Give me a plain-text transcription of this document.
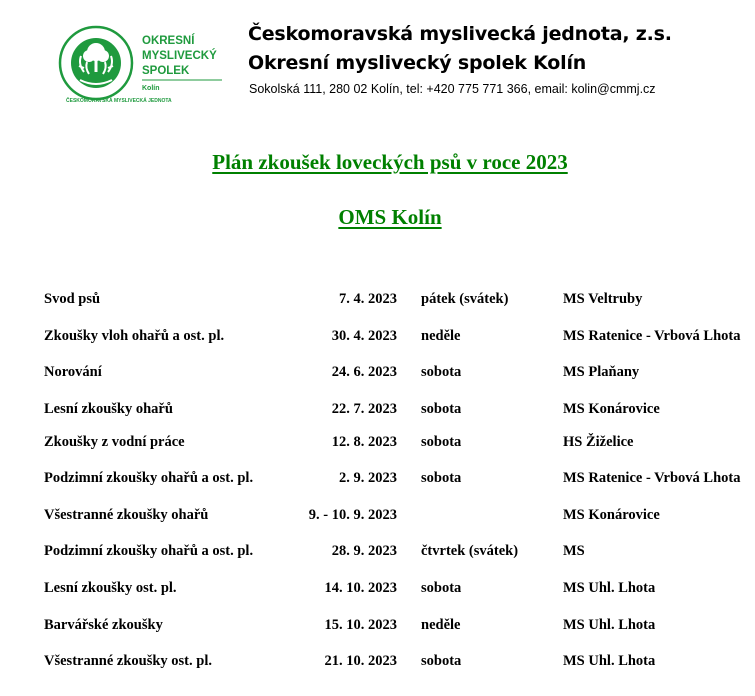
ČESKOMORAVSKÁ MYSLIVECKÁ JEDNOTA
OKRESNÍ
MYSLIVECKÝ
SPOLEK
Kolín
Českomoravská myslivecká jednota, z.s.
Okresní myslivecký spolek Kolín
Sokolská 111, 280 02 Kolín, tel: +420 775 771 366, email: kolin@cmmj.cz
Plán zkoušek loveckých psů v roce 2023
OMS Kolín
Svod psů	7. 4. 2023 pátek (svátek)	MS Veltruby
Zkoušky vloh ohařů a ost. pl.	30. 4. 2023 neděle	MS Ratenice - Vrbová Lhota
Norování	24. 6. 2023 sobota	MS Plaňany
Lesní zkoušky ohařů	22. 7. 2023 sobota	MS Konárovice
Zkoušky z vodní práce	12. 8. 2023 sobota	HS Žiželice
Podzimní zkoušky ohařů a ost. pl.	2. 9. 2023 sobota	MS Ratenice - Vrbová Lhota
Všestranné zkoušky ohařů	9. - 10. 9. 2023	MS Konárovice
Podzimní zkoušky ohařů a ost. pl.	28. 9. 2023 čtvrtek (svátek)	MS
Lesní zkoušky ost. pl.	14. 10. 2023 sobota	MS Uhl. Lhota
Barvářské zkoušky	15. 10. 2023 neděle	MS Uhl. Lhota
Všestranné zkoušky ost. pl.	21. 10. 2023 sobota	MS Uhl. Lhota
